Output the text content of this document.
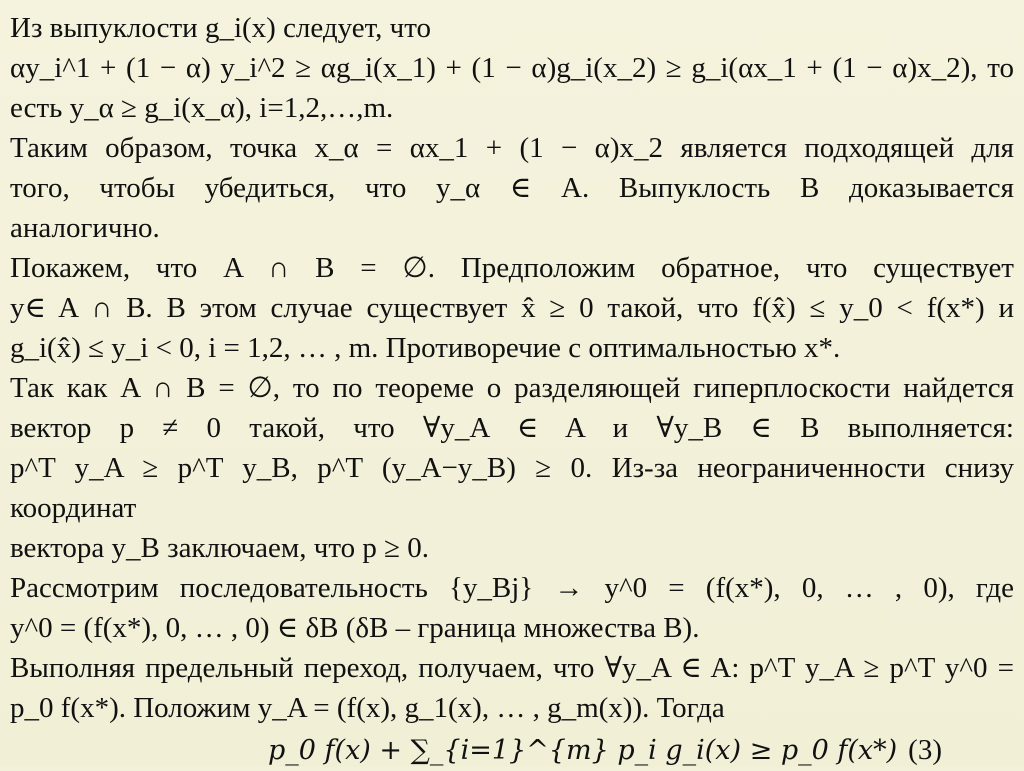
Из выпуклости g_i(x) следует, что

αy_i^1 + (1 − α) y_i^2 ≥ αg_i(x_1) + (1 − α)g_i(x_2) ≥ g_i(αx_1 + (1 − α)x_2), то

есть y_α ≥ g_i(x_α), i=1,2,…,m.

Таким образом, точка x_α = αx_1 + (1 − α)x_2 является подходящей для

того, чтобы убедиться, что y_α ∈ A. Выпуклость B доказывается

аналогично.

Покажем, что A ∩ B = ∅. Предположим обратное, что существует

y∈ A ∩ B. В этом случае существует x̂ ≥ 0 такой, что f(x̂) ≤ y_0 < f(x*) и

g_i(x̂) ≤ y_i < 0, i = 1,2, … , m. Противоречие с оптимальностью x*.

Так как A ∩ B = ∅, то по теореме о разделяющей гиперплоскости найдется

вектор p ≠ 0 такой, что ∀y_A ∈ A и ∀y_B ∈ B выполняется:

p^T y_A ≥ p^T y_B, p^T (y_A−y_B) ≥ 0. Из-за неограниченности снизу координат

вектора y_B заключаем, что p ≥ 0.

Рассмотрим последовательность {y_Bj} → y^0 = (f(x*), 0, … , 0), где

y^0 = (f(x*), 0, … , 0) ∈ δB (δB – граница множества B).

Выполняя предельный переход, получаем, что ∀y_A ∈ A: p^T y_A ≥ p^T y^0 =

p_0 f(x*). Положим y_A = (f(x), g_1(x), … , g_m(x)). Тогда

p_0 f(x) + ∑_{i=1}^{m} p_i g_i(x) ≥ p_0 f(x*) (3)
